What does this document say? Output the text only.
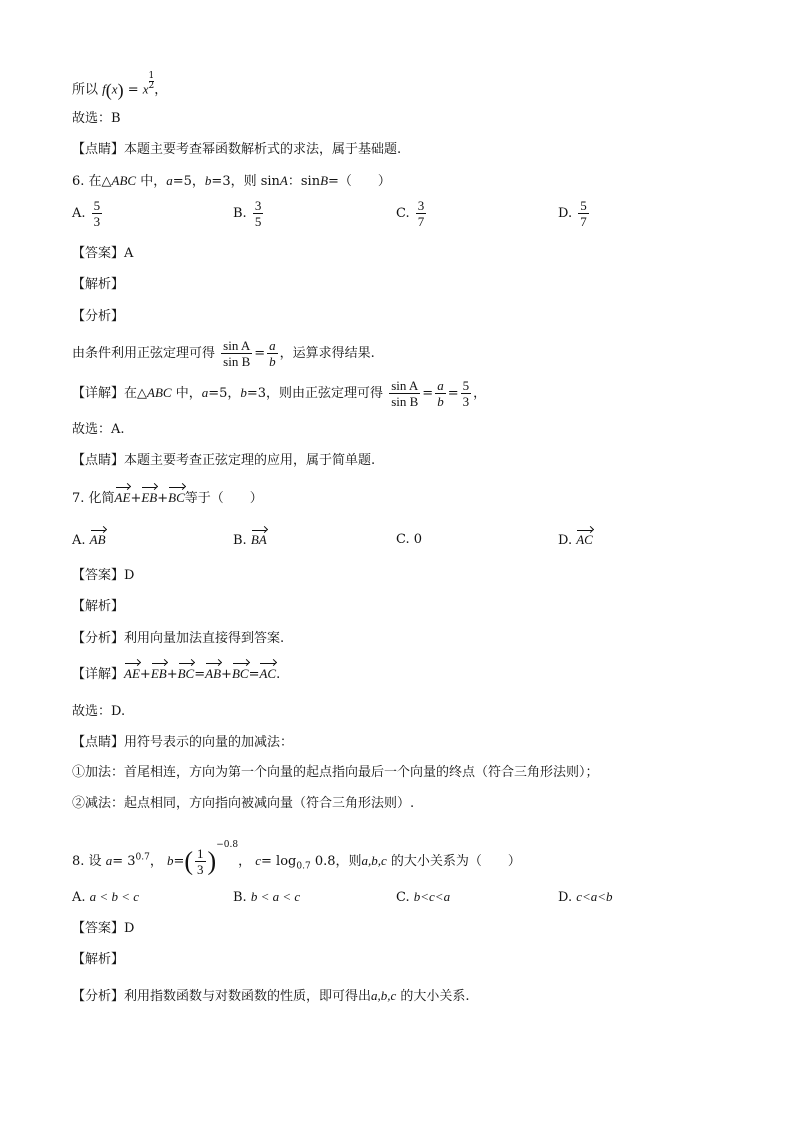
所以 f(x) = x $\frac{1}{2}$ ，
故选：B
【点睛】本题主要考查幂函数解析式的求法，属于基础题.
6. 在△ABC 中，a=5，b=3，则 sinA：sinB=（　　）
A. $\frac{5}{3}$	B. $\frac{3}{5}$	C. $\frac{3}{7}$	D. $\frac{5}{7}$
【答案】A
【解析】
【分析】
由条件利用正弦定理可得 $\frac{\text{sin A}}{\text{sin B}} = \frac{a}{b}$ ，运算求得结果.
【详解】在△ABC 中，a=5，b=3，则由正弦定理可得 $\frac{\text{sin A}}{\text{sin B}} = \frac{a}{b} = \frac{5}{3}$ ，
故选：A.
【点睛】本题主要考查正弦定理的应用，属于简单题.
7. 化简AE+EB+BC等于（　　）
A. AB	B. BA	C. 0	D. AC
【答案】D
【解析】
【分析】利用向量加法直接得到答案.
【详解】AE+EB+BC=AB+BC=AC.
故选：D.
【点睛】用符号表示的向量的加减法：
①加法：首尾相连，方向为第一个向量的起点指向最后一个向量的终点（符合三角形法则）；
②减法：起点相同，方向指向被减向量（符合三角形法则）.
8. 设 $a= 3^{0.7}$， $b=( \frac{1}{3} )^{-0.8}$， $c= \log_{0.7} 0.8$，则a,b,c 的大小关系为（　　）
A. a < b < c	B. b < a < c	C. b<c<a	D. c<a<b
【答案】D
【解析】
【分析】利用指数函数与对数函数的性质，即可得出a,b,c 的大小关系.
